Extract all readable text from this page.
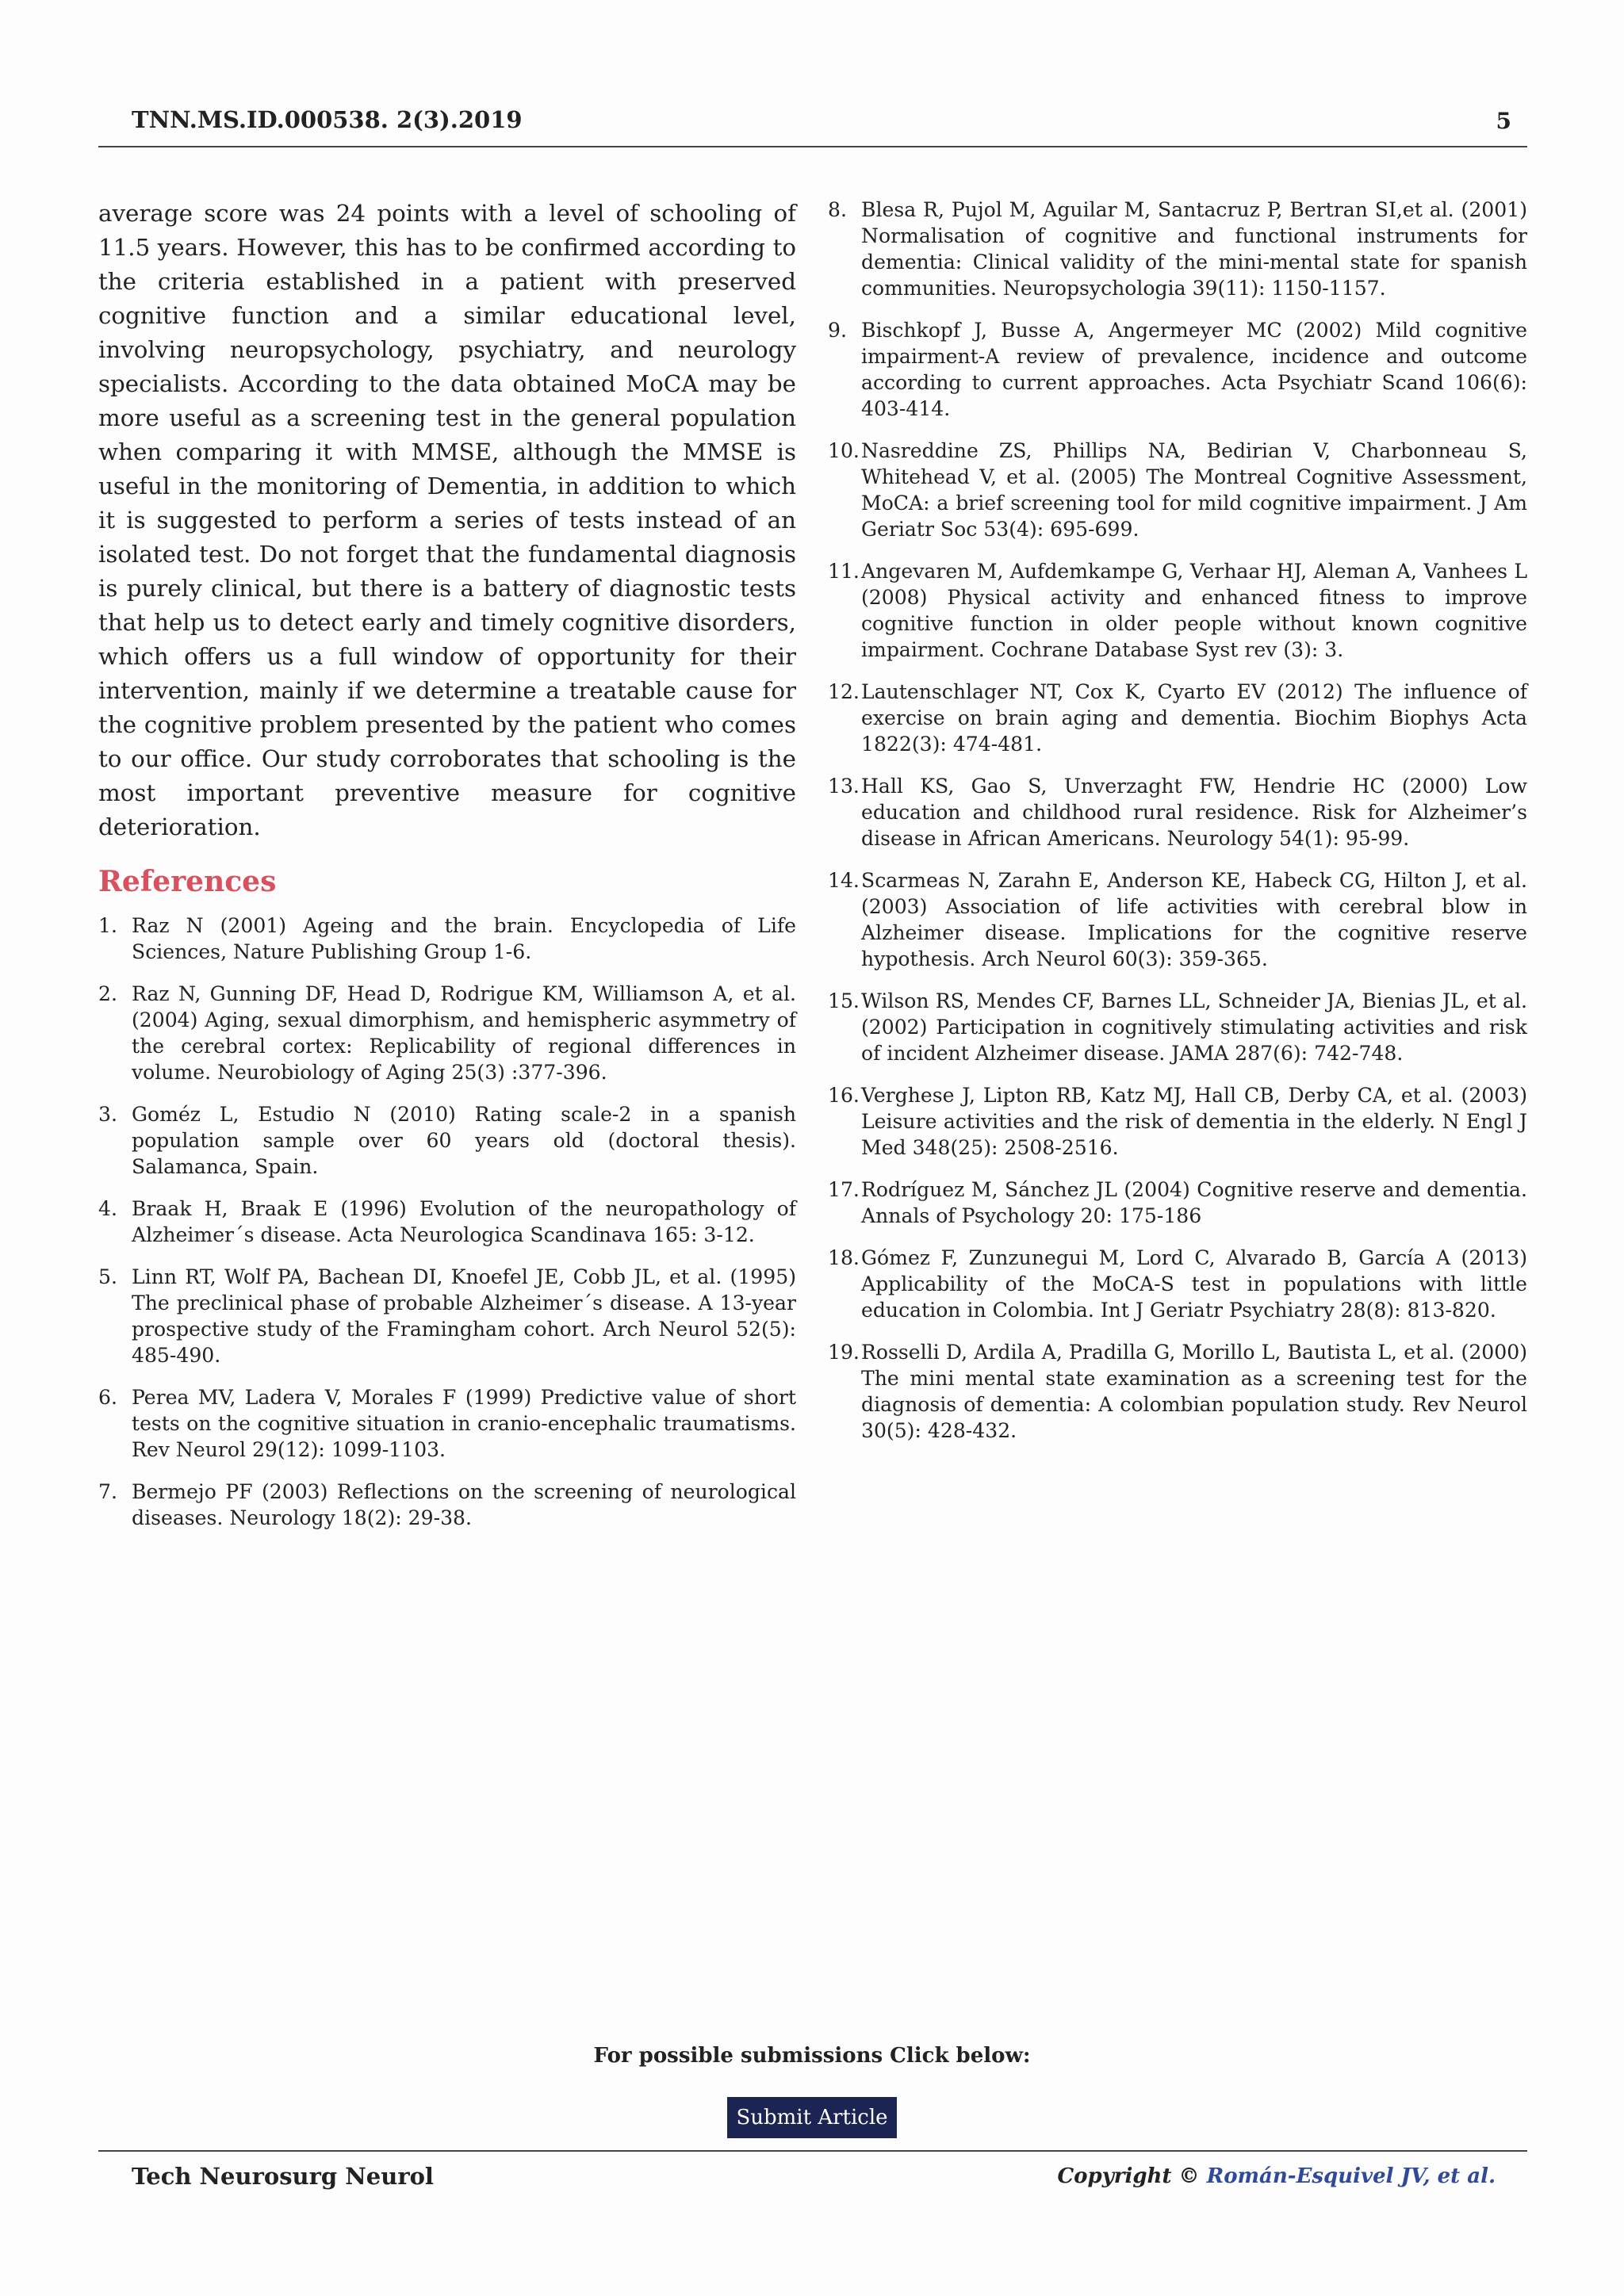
TNN.MS.ID.000538. 2(3).2019	5

average score was 24 points with a level of schooling of 11.5 years. However, this has to be confirmed according to the criteria established in a patient with preserved cognitive function and a similar educational level, involving neuropsychology, psychiatry, and neurology specialists. According to the data obtained MoCA may be more useful as a screening test in the general population when comparing it with MMSE, although the MMSE is useful in the monitoring of Dementia, in addition to which it is suggested to perform a series of tests instead of an isolated test. Do not forget that the fundamental diagnosis is purely clinical, but there is a battery of diagnostic tests that help us to detect early and timely cognitive disorders, which offers us a full window of opportunity for their intervention, mainly if we determine a treatable cause for the cognitive problem presented by the patient who comes to our office. Our study corroborates that schooling is the most important preventive measure for cognitive deterioration.

References
1. Raz N (2001) Ageing and the brain. Encyclopedia of Life Sciences, Nature Publishing Group 1-6.
2. Raz N, Gunning DF, Head D, Rodrigue KM, Williamson A, et al. (2004) Aging, sexual dimorphism, and hemispheric asymmetry of the cerebral cortex: Replicability of regional differences in volume. Neurobiology of Aging 25(3) :377-396.
3. Goméz L, Estudio N (2010) Rating scale-2 in a spanish population sample over 60 years old (doctoral thesis). Salamanca, Spain.
4. Braak H, Braak E (1996) Evolution of the neuropathology of Alzheimer´s disease. Acta Neurologica Scandinava 165: 3-12.
5. Linn RT, Wolf PA, Bachean DI, Knoefel JE, Cobb JL, et al. (1995) The preclinical phase of probable Alzheimer´s disease. A 13-year prospective study of the Framingham cohort. Arch Neurol 52(5): 485-490.
6. Perea MV, Ladera V, Morales F (1999) Predictive value of short tests on the cognitive situation in cranio-encephalic traumatisms. Rev Neurol 29(12): 1099-1103.
7. Bermejo PF (2003) Reflections on the screening of neurological diseases. Neurology 18(2): 29-38.
8. Blesa R, Pujol M, Aguilar M, Santacruz P, Bertran SI,et al. (2001) Normalisation of cognitive and functional instruments for dementia: Clinical validity of the mini-mental state for spanish communities. Neuropsychologia 39(11): 1150-1157.
9. Bischkopf J, Busse A, Angermeyer MC (2002) Mild cognitive impairment-A review of prevalence, incidence and outcome according to current approaches. Acta Psychiatr Scand 106(6): 403-414.
10. Nasreddine ZS, Phillips NA, Bedirian V, Charbonneau S, Whitehead V, et al. (2005) The Montreal Cognitive Assessment, MoCA: a brief screening tool for mild cognitive impairment. J Am Geriatr Soc 53(4): 695-699.
11. Angevaren M, Aufdemkampe G, Verhaar HJ, Aleman A, Vanhees L (2008) Physical activity and enhanced fitness to improve cognitive function in older people without known cognitive impairment. Cochrane Database Syst rev (3): 3.
12. Lautenschlager NT, Cox K, Cyarto EV (2012) The influence of exercise on brain aging and dementia. Biochim Biophys Acta 1822(3): 474-481.
13. Hall KS, Gao S, Unverzaght FW, Hendrie HC (2000) Low education and childhood rural residence. Risk for Alzheimer’s disease in African Americans. Neurology 54(1): 95-99.
14. Scarmeas N, Zarahn E, Anderson KE, Habeck CG, Hilton J, et al. (2003) Association of life activities with cerebral blow in Alzheimer disease. Implications for the cognitive reserve hypothesis. Arch Neurol 60(3): 359-365.
15. Wilson RS, Mendes CF, Barnes LL, Schneider JA, Bienias JL, et al. (2002) Participation in cognitively stimulating activities and risk of incident Alzheimer disease. JAMA 287(6): 742-748.
16. Verghese J, Lipton RB, Katz MJ, Hall CB, Derby CA, et al. (2003) Leisure activities and the risk of dementia in the elderly. N Engl J Med 348(25): 2508-2516.
17. Rodríguez M, Sánchez JL (2004) Cognitive reserve and dementia. Annals of Psychology 20: 175-186
18. Gómez F, Zunzunegui M, Lord C, Alvarado B, García A (2013) Applicability of the MoCA-S test in populations with little education in Colombia. Int J Geriatr Psychiatry 28(8): 813-820.
19. Rosselli D, Ardila A, Pradilla G, Morillo L, Bautista L, et al. (2000) The mini mental state examination as a screening test for the diagnosis of dementia: A colombian population study. Rev Neurol 30(5): 428-432.
For possible submissions Click below:
Submit Article
Tech Neurosurg Neurol	Copyright © Román-Esquivel JV, et al.
